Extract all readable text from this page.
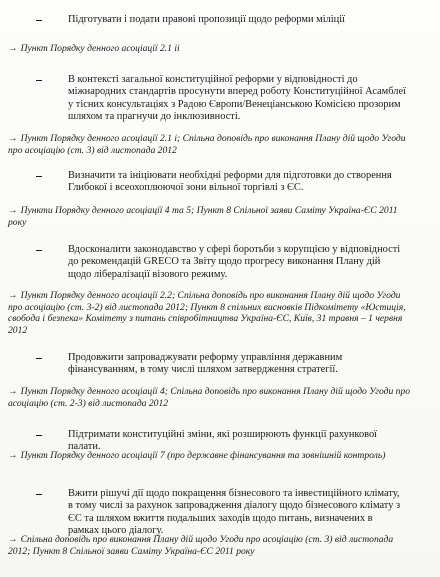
Підготувати і подати правові пропозиції щодо реформи міліції
→ Пункт Порядку денного асоціації 2.1 іі
В контексті загальної конституційної реформи у відповідності до міжнародних стандартів просунути вперед роботу Конституційної Асамблеї у тісних консультаціях з Радою Європи/Венеціанською Комісією прозорим шляхом та прагнучи до інклюзивності.
→ Пункт Порядку денного асоціації 2.1 і; Спільна доповідь про виконання Плану дій щодо Угоди про асоціацію (ст. 3) від листопада 2012
Визначити та ініціювати необхідні реформи для підготовки до створення Глибокої і всеохоплюючої зони вільної торгівлі з ЄС.
→ Пункти Порядку денного асоціації 4 та 5; Пункт 8 Спільної заяви Саміту Україна-ЄС 2011 року
Вдосконалити законодавство у сфері боротьби з корупцією у відповідності до рекомендацій GRECO та Звіту щодо прогресу виконання Плану дій щодо лібералізації візового режиму.
→ Пункт Порядку денного асоціації 2.2; Спільна доповідь про виконання Плану дій щодо Угоди про асоціацію (ст. 3-2) від листопада 2012; Пункт 8 спільних висновків Підкомітету «Юстиція, свобода і безпека» Комітету з питань співробітництва Україна-ЄС, Київ, 31 травня – 1 червня 2012
Продовжити запроваджувати реформу управління державним фінансуванням, в тому числі шляхом затвердження стратегії.
→ Пункт Порядку денного асоціації 4; Спільна доповідь про виконання Плану дій щодо Угоди про асоціацію (ст. 2-3) від листопада 2012
Підтримати конституційні зміни, які розширюють функції рахункової палати.
→ Пункт Порядку денного асоціації 7 (про державне фінансування та зовнішній контроль)
Вжити рішучі дії щодо покращення бізнесового та інвестиційного клімату, в тому числі за рахунок запровадження діалогу щодо бізнесового клімату з ЄС та шляхом вжиття подальших заходів щодо питань, визначених в рамках цього діалогу.
→ Спільна доповідь про виконання Плану дій щодо Угоди про асоціацію (ст. 3) від листопада 2012; Пункт 8 Спільної заяви Саміту Україна-ЄС 2011 року
